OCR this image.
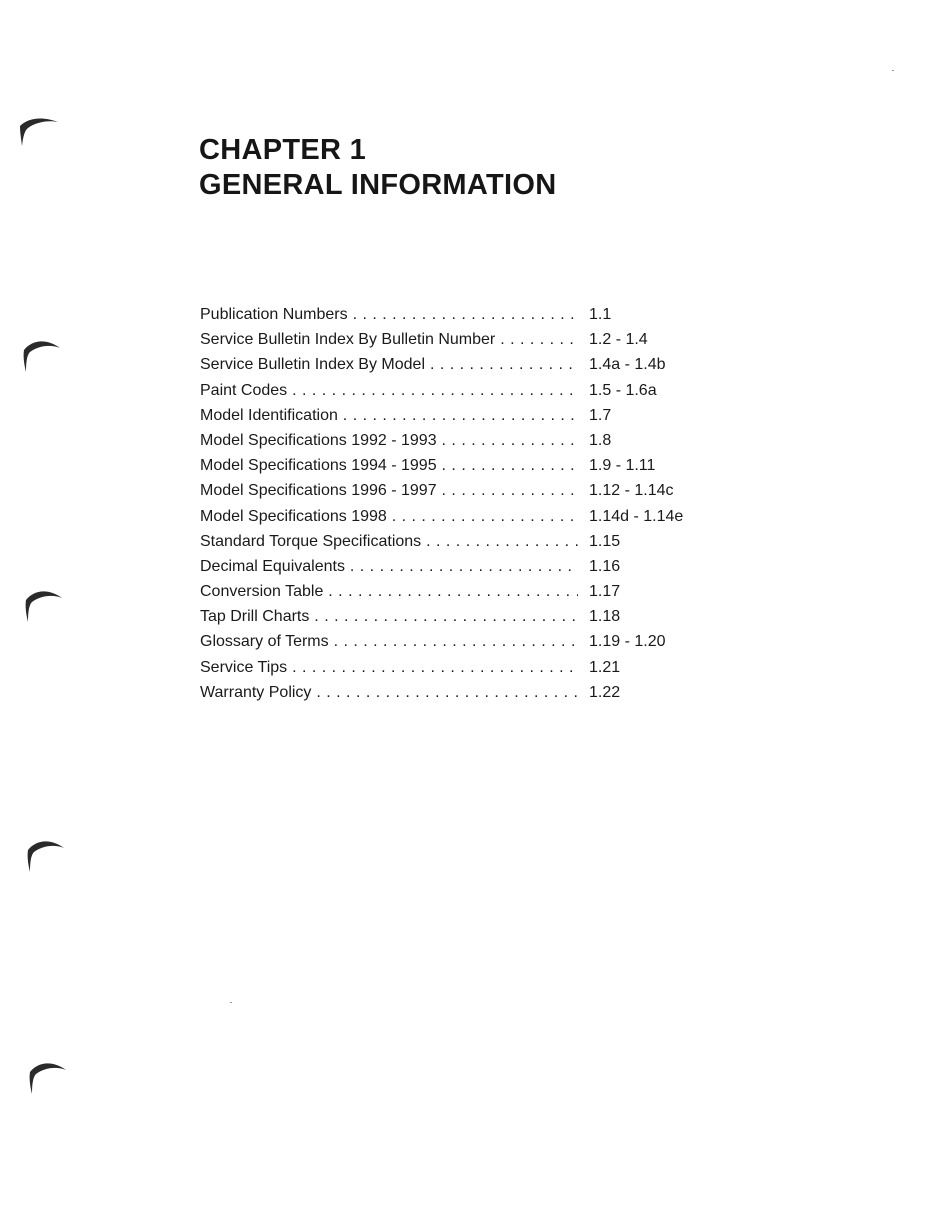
CHAPTER 1
GENERAL INFORMATION
Publication Numbers . . .	1.1
Service Bulletin Index By Bulletin Number . . .	1.2 - 1.4
Service Bulletin Index By Model . . .	1.4a - 1.4b
Paint Codes . . .	1.5 - 1.6a
Model Identification . . .	1.7
Model Specifications 1992 - 1993 . . .	1.8
Model Specifications 1994 - 1995 . . .	1.9 - 1.11
Model Specifications 1996 - 1997 . . .	1.12 - 1.14c
Model Specifications 1998 . . .	1.14d - 1.14e
Standard Torque Specifications . . .	1.15
Decimal Equivalents . . .	1.16
Conversion Table . . .	1.17
Tap Drill Charts . . .	1.18
Glossary of Terms . . .	1.19 - 1.20
Service Tips . . .	1.21
Warranty Policy . . .	1.22
